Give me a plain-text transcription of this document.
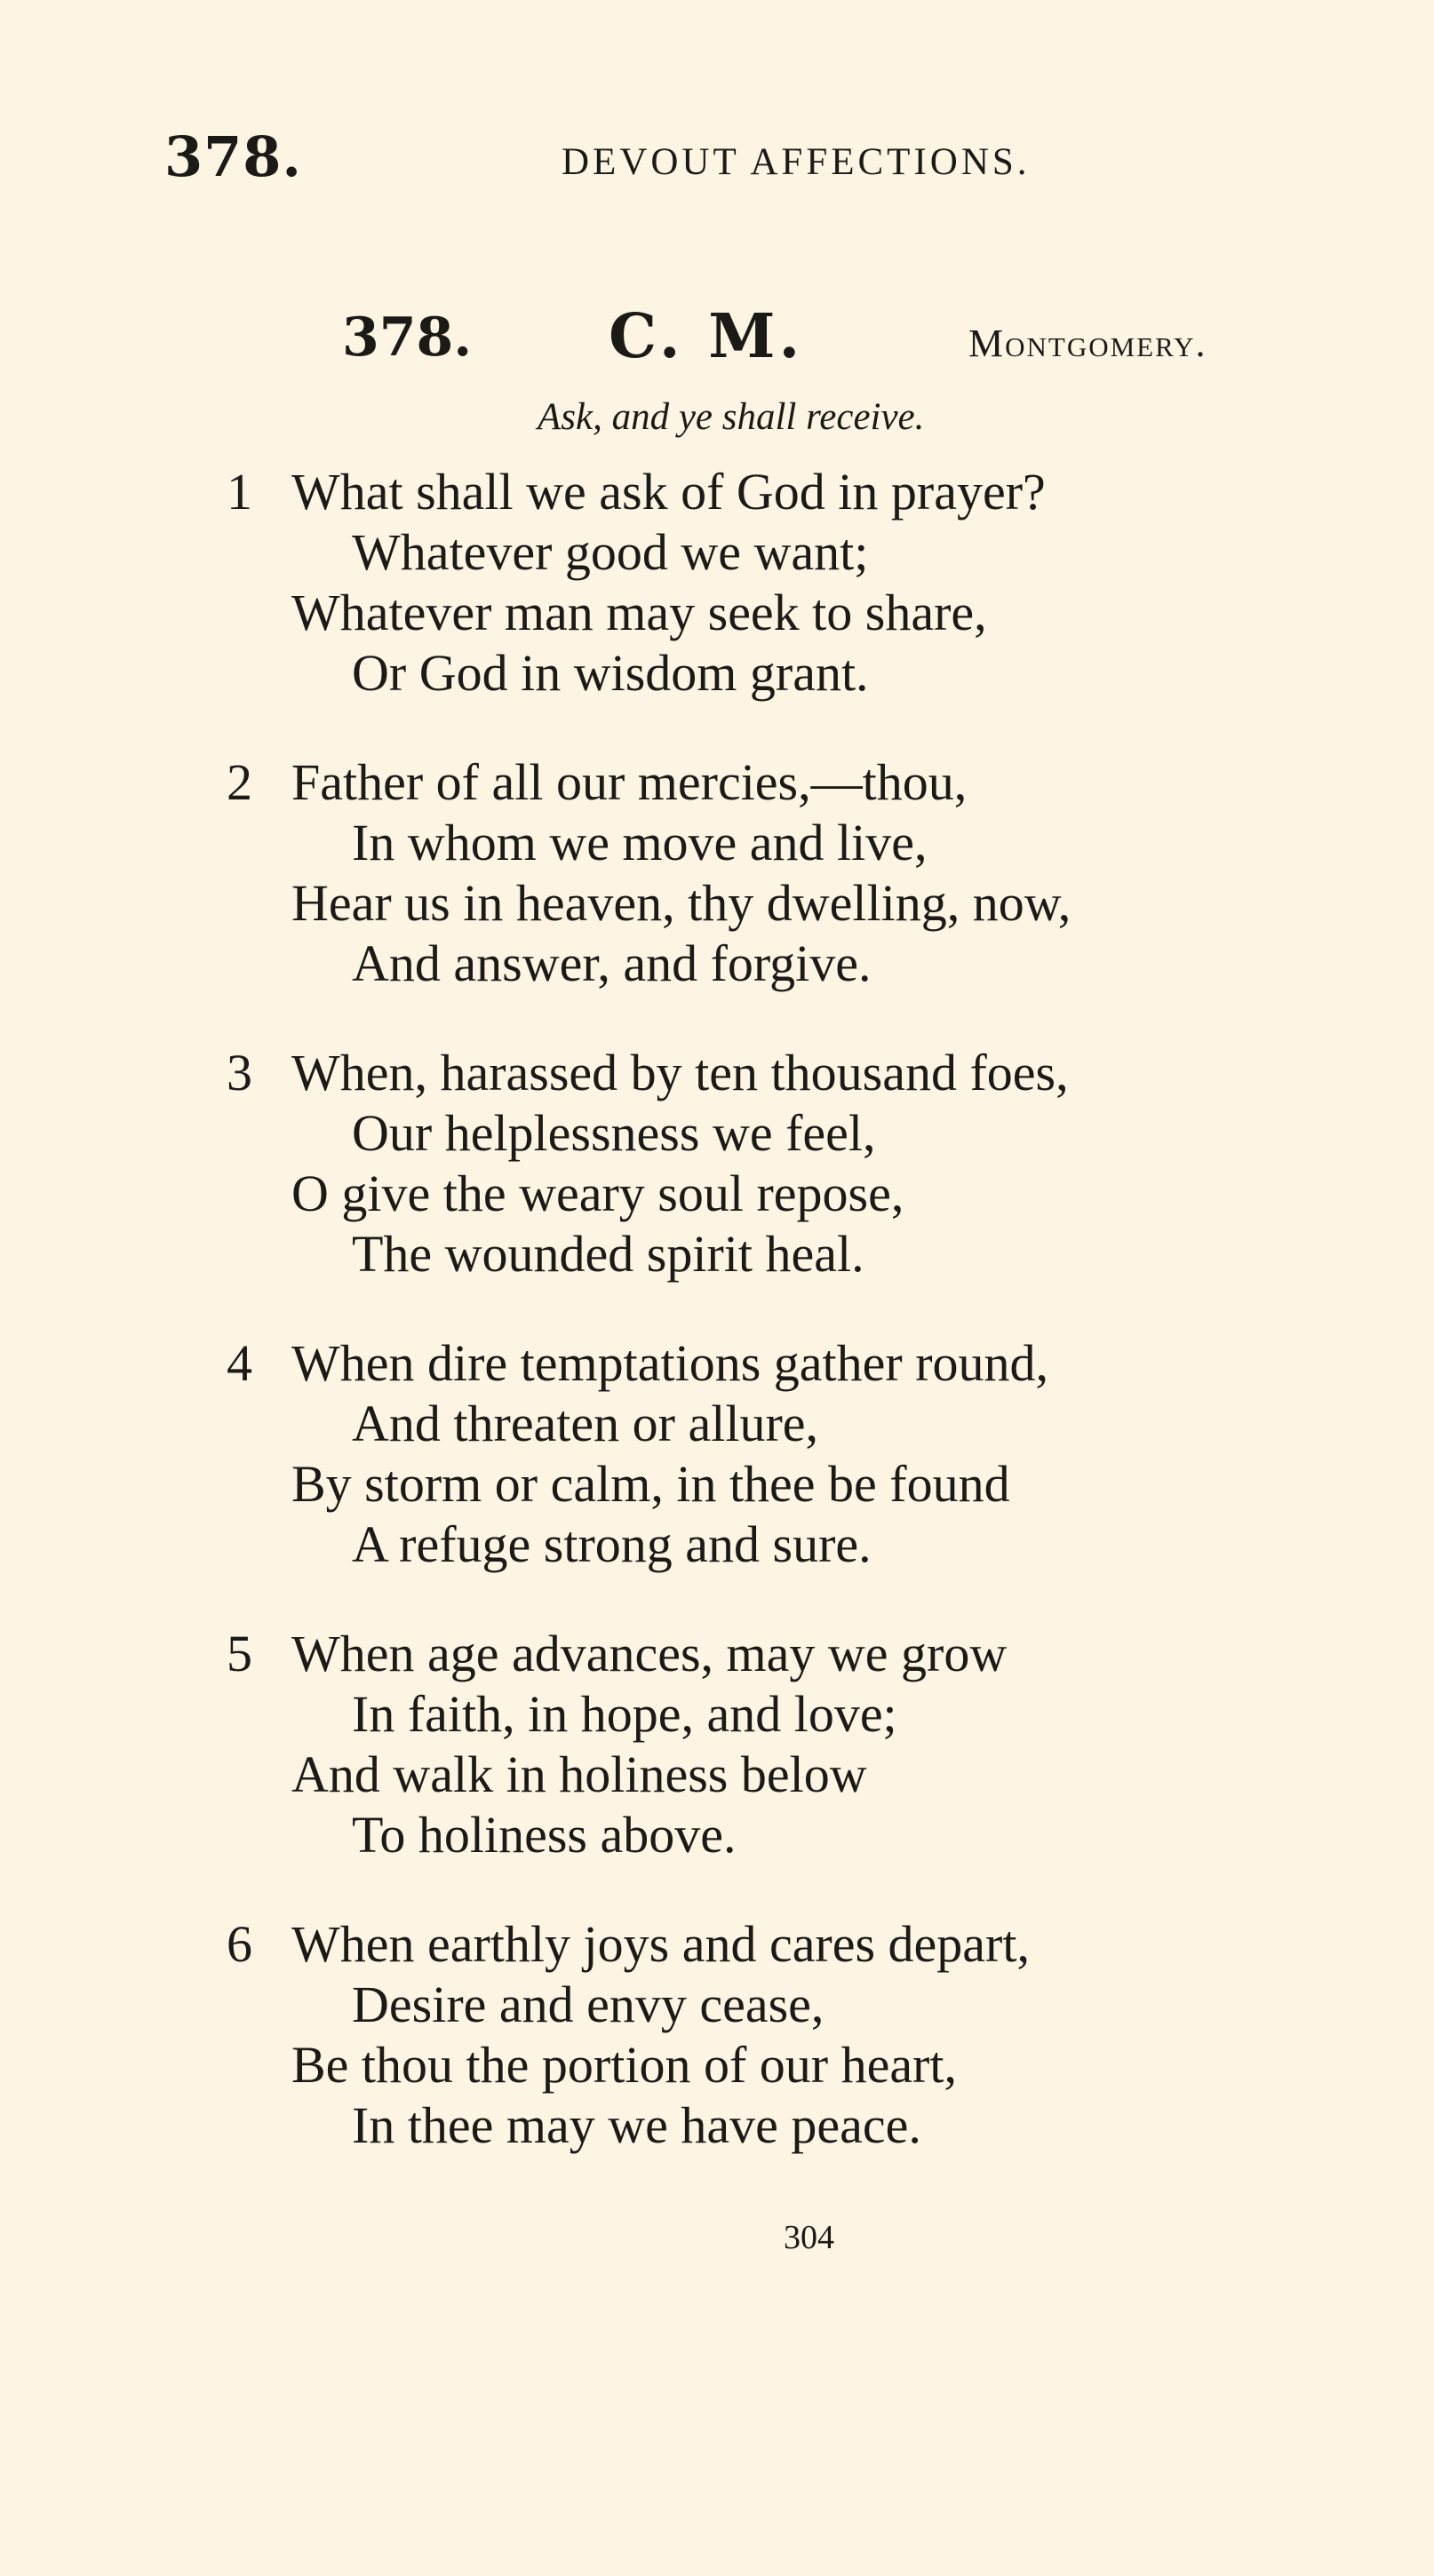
378.	DEVOUT AFFECTIONS.
378. C. M.	Montgomery.
Ask, and ye shall receive.
1 What shall we ask of God in prayer?
Whatever good we want;
Whatever man may seek to share,
Or God in wisdom grant.
2 Father of all our mercies,—thou,
In whom we move and live,
Hear us in heaven, thy dwelling, now,
And answer, and forgive.
3 When, harassed by ten thousand foes,
Our helplessness we feel,
O give the weary soul repose,
The wounded spirit heal.
4 When dire temptations gather round,
And threaten or allure,
By storm or calm, in thee be found
A refuge strong and sure.
5 When age advances, may we grow
In faith, in hope, and love;
And walk in holiness below
To holiness above.
6 When earthly joys and cares depart,
Desire and envy cease,
Be thou the portion of our heart,
In thee may we have peace.
304
